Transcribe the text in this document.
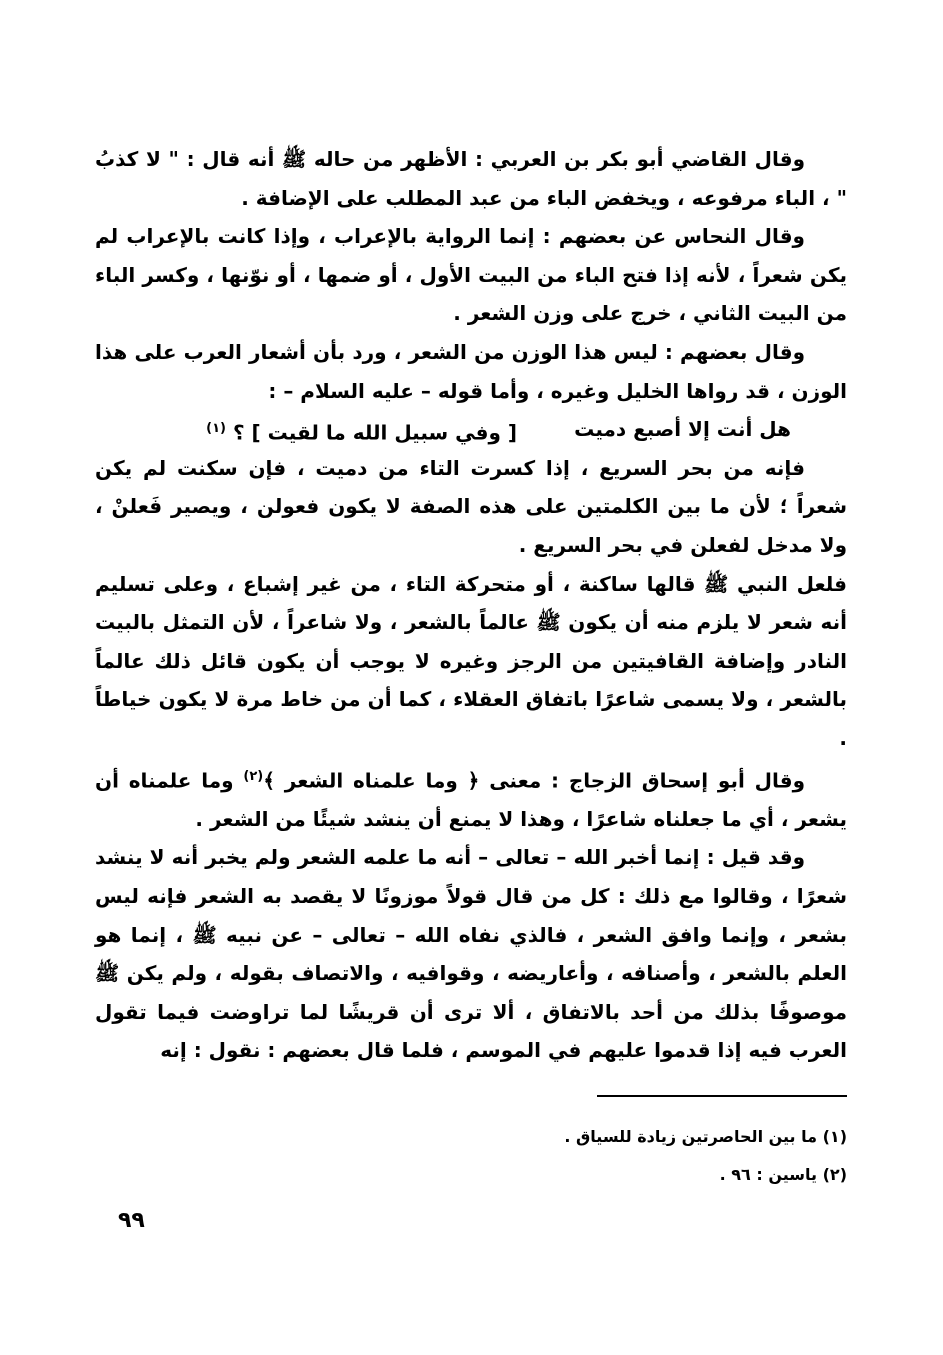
وقال القاضي أبو بكر بن العربي : الأظهر من حاله ﷺ أنه قال : " لا كذبُ " ، الباء مرفوعه ، ويخفض الباء من عبد المطلب على الإضافة .

وقال النحاس عن بعضهم : إنما الرواية بالإعراب ، وإذا كانت بالإعراب لم يكن شعراً ، لأنه إذا فتح الباء من البيت الأول ، أو ضمها ، أو نوّنها ، وكسر الباء من البيت الثاني ، خرج على وزن الشعر .

وقال بعضهم : ليس هذا الوزن من الشعر ، ورد بأن أشعار العرب على هذا الوزن ، قد رواها الخليل وغيره ، وأما قوله – عليه السلام – :

هل أنت إلا أصبع دميت
[ وفي سبيل الله ما لقيت ] ؟ $^{(١)}$

فإنه من بحر السريع ، إذا كسرت التاء من دميت ، فإن سكنت لم يكن شعراً ؛ لأن ما بين الكلمتين على هذه الصفة لا يكون فعولن ، ويصير فَعلنْ ، ولا مدخل لفعلن في بحر السريع .

فلعل النبي ﷺ قالها ساكنة ، أو متحركة التاء ، من غير إشباع ، وعلى تسليم أنه شعر لا يلزم منه أن يكون ﷺ عالماً بالشعر ، ولا شاعراً ، لأن التمثل بالبيت النادر وإضافة القافيتين من الرجز وغيره لا يوجب أن يكون قائل ذلك عالماً بالشعر ، ولا يسمى شاعرًا باتفاق العقلاء ، كما أن من خاط مرة لا يكون خياطاً .

وقال أبو إسحاق الزجاج : معنى ﴿ وما علمناه الشعر ﴾$^{(٢)}$ وما علمناه أن يشعر ، أي ما جعلناه شاعرًا ، وهذا لا يمنع أن ينشد شيئًا من الشعر .

وقد قيل : إنما أخبر الله – تعالى – أنه ما علمه الشعر ولم يخبر أنه لا ينشد شعرًا ، وقالوا مع ذلك : كل من قال قولاً موزونًا لا يقصد به الشعر فإنه ليس بشعر ، وإنما وافق الشعر ، فالذي نفاه الله – تعالى – عن نبيه ﷺ ، إنما هو العلم بالشعر ، وأصنافه ، وأعاريضه ، وقوافيه ، والاتصاف بقوله ، ولم يكن ﷺ موصوفًا بذلك من أحد بالاتفاق ، ألا ترى أن قريشًا لما تراوضت فيما تقول العرب فيه إذا قدموا عليهم في الموسم ، فلما قال بعضهم : نقول : إنه

(١) ما بين الحاصرتين زيادة للسياق .

(٢) ياسين : ٩٦ .

٩٩
